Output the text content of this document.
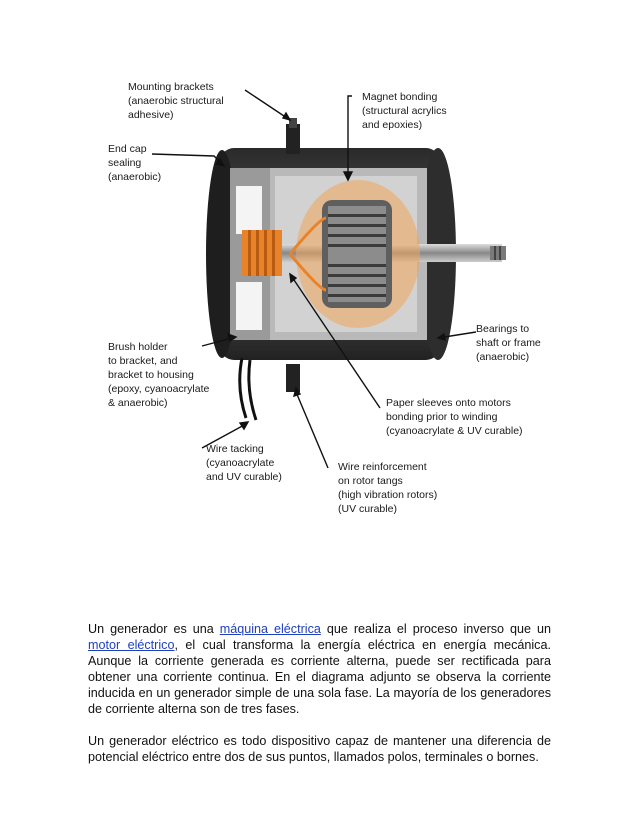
Mounting brackets (anaerobic structural adhesive)
Magnet bonding (structural acrylics and epoxies)
End cap sealing (anaerobic)
Bearings to shaft or frame (anaerobic)
Brush holder to bracket, and bracket to housing (epoxy, cyanoacrylate & anaerobic)	Paper sleeves onto motors bonding prior to winding (cyanoacrylate & UV curable)
Wire tacking (cyanoacrylate and UV curable)
Wire reinforcement on rotor tangs (high vibration rotors) (UV curable)

Un generador es una máquina eléctrica que realiza el proceso inverso que un motor eléctrico, el cual transforma la energía eléctrica en energía mecánica. Aunque la corriente generada es corriente alterna, puede ser rectificada para obtener una corriente continua. En el diagrama adjunto se observa la corriente inducida en un generador simple de una sola fase. La mayoría de los generadores de corriente alterna son de tres fases.

Un generador eléctrico es todo dispositivo capaz de mantener una diferencia de potencial eléctrico entre dos de sus puntos, llamados polos, terminales o bornes.
